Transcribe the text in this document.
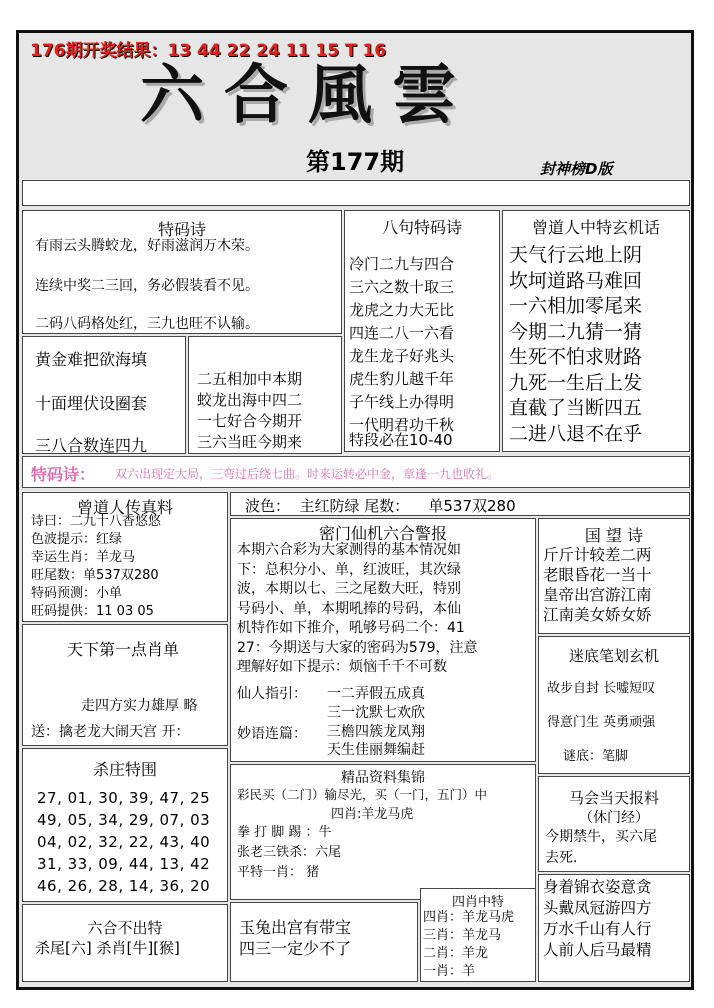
176期开奖结果：13 44 22 24 11 15 T 16
六合風雲
第177期	封神榜D版
特码诗
有雨云头腾蛟龙，好雨滋润万木荣。
连续中奖二三回，务必假装看不见。
二码八码格处红，三九也旺不认输。
八句特码诗
冷门二九与四合
三六之数十取三
龙虎之力大无比
四连二八一六看
龙生龙子好兆头
虎生豹儿越千年
子午线上办得明
一代明君功千秋
特段必在10-40
曾道人中特玄机话
天气行云地上阴
坎坷道路马难回
一六相加零尾来
今期二九猜一猜
生死不怕求财路
九死一生后上发
直截了当断四五
二进八退不在乎
黄金难把欲海填
十面埋伏设圈套
三八合数连四九
二五相加中本期
蛟龙出海中四二
一七好合今期开
三六当旺今期来
特码诗： 双六出现定大局，三弯过后绕七曲。时来运转必中金，章逢一九也收礼。
曾道人传真料
诗曰：二九十八香悠悠
色波提示：红绿
幸运生肖：羊龙马
旺尾数：单537双280
特码预测：小单
旺码提供：11 03 05
波色：  主红防绿 尾数：    单537双280
密门仙机六合警报
本期六合彩为大家测得的基本情况如
下：总积分小、单，红波旺，其次绿
波，本期以七、三之尾数大旺，特别
号码小、单，本期吼捧的号码，本仙
机特作如下推介，吼够号码二个：41
27：今期送与大家的密码为579，注意
理解好如下提示：烦恼千千不可数
仙人指引： 一二弄假五成真
三一沈默七欢欣
妙语连篇： 三檐四簇龙凤翔
天生佳丽舞编赶
国 望 诗
斤斤计较差二两
老眼昏花一当十
皇帝出宫游江南
江南美女娇女娇
天下第一点肖单
走四方实力雄厚 略
送：擒老龙大闹天宫 开：
迷底笔划玄机
故步自封 长嘘短叹
得意门生 英勇顽强
谜底：笔脚
杀庄特围
27, 01, 30, 39, 47, 25
49, 05, 34, 29, 07, 03
04, 02, 32, 22, 43, 40
31, 33, 09, 44, 13, 42
46, 26, 28, 14, 36, 20
精品资料集锦
彩民买（二门）输尽光，买（一门，五门）中
四肖:羊龙马虎
拳 打 脚 踢 ：牛
张老三铁杀：六尾
平特一肖： 猪
马会当天报料
（休门经）
今期禁牛，买六尾
去死.
身着锦衣姿意贪
头戴凤冠游四方
万水千山有人行
人前人后马最精
六合不出特
杀尾[六] 杀肖[牛][猴]
玉兔出宫有带宝
四三一定少不了
四肖中特
四肖：羊龙马虎
三肖：羊龙马
二肖：羊龙
一肖：羊
